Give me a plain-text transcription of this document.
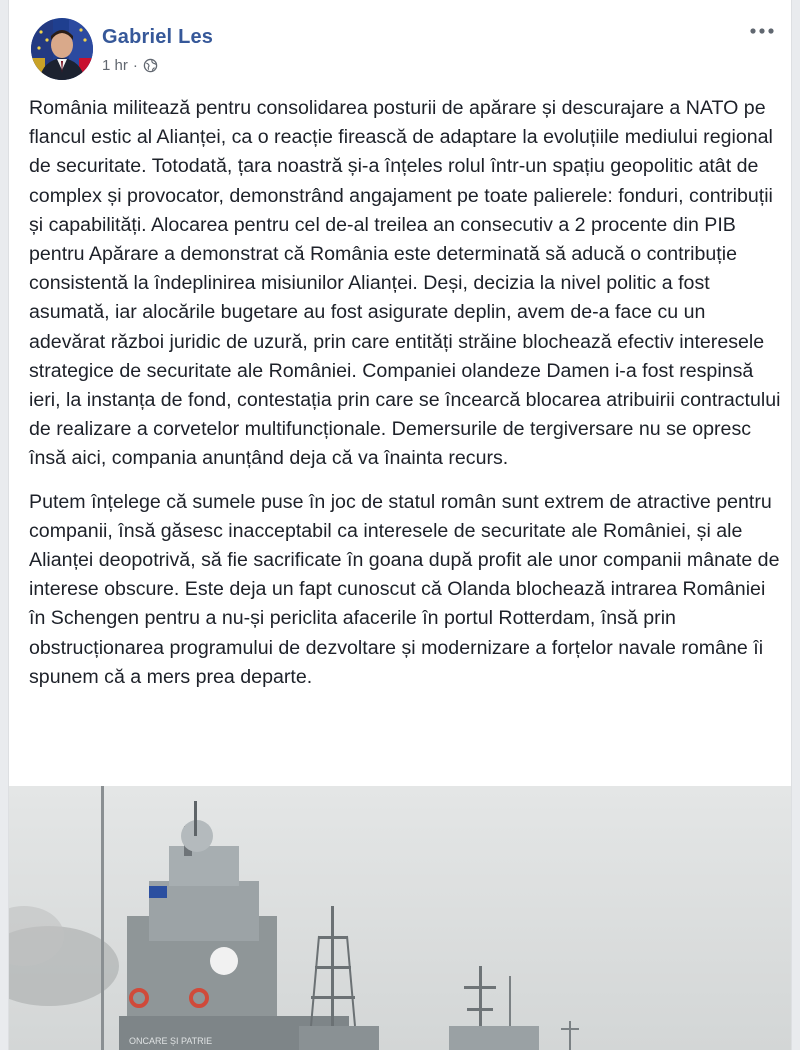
Gabriel Les
1 hr ·

România militează pentru consolidarea posturii de apărare și descurajare a NATO pe flancul estic al Alianței, ca o reacție firească de adaptare la evoluțiile mediului regional de securitate. Totodată, țara noastră și-a înțeles rolul într-un spațiu geopolitic atât de complex și provocator, demonstrând angajament pe toate palierele: fonduri, contribuții și capabilități. Alocarea pentru cel de-al treilea an consecutiv a 2 procente din PIB pentru Apărare a demonstrat că România este determinată să aducă o contribuție consistentă la îndeplinirea misiunilor Alianței. Deși, decizia la nivel politic a fost asumată, iar alocările bugetare au fost asigurate deplin, avem de-a face cu un adevărat război juridic de uzură, prin care entități străine blochează efectiv interesele strategice de securitate ale României. Companiei olandeze Damen i-a fost respinsă ieri, la instanța de fond, contestația prin care se încearcă blocarea atribuirii contractului de realizare a corvetelor multifuncționale. Demersurile de tergiversare nu se opresc însă aici, compania anunțând deja că va înainta recurs.

Putem înțelege că sumele puse în joc de statul român sunt extrem de atractive pentru companii, însă găsesc inacceptabil ca interesele de securitate ale României, și ale Alianței deopotrivă, să fie sacrificate în goana după profit ale unor companii mânate de interese obscure. Este deja un fapt cunoscut că Olanda blochează intrarea României în Schengen pentru a nu-și periclita afacerile în portul Rotterdam, însă prin obstrucționarea programului de dezvoltare și modernizare a forțelor navale române îi spunem că a mers prea departe.

ONCARE ȘI PATRIE
